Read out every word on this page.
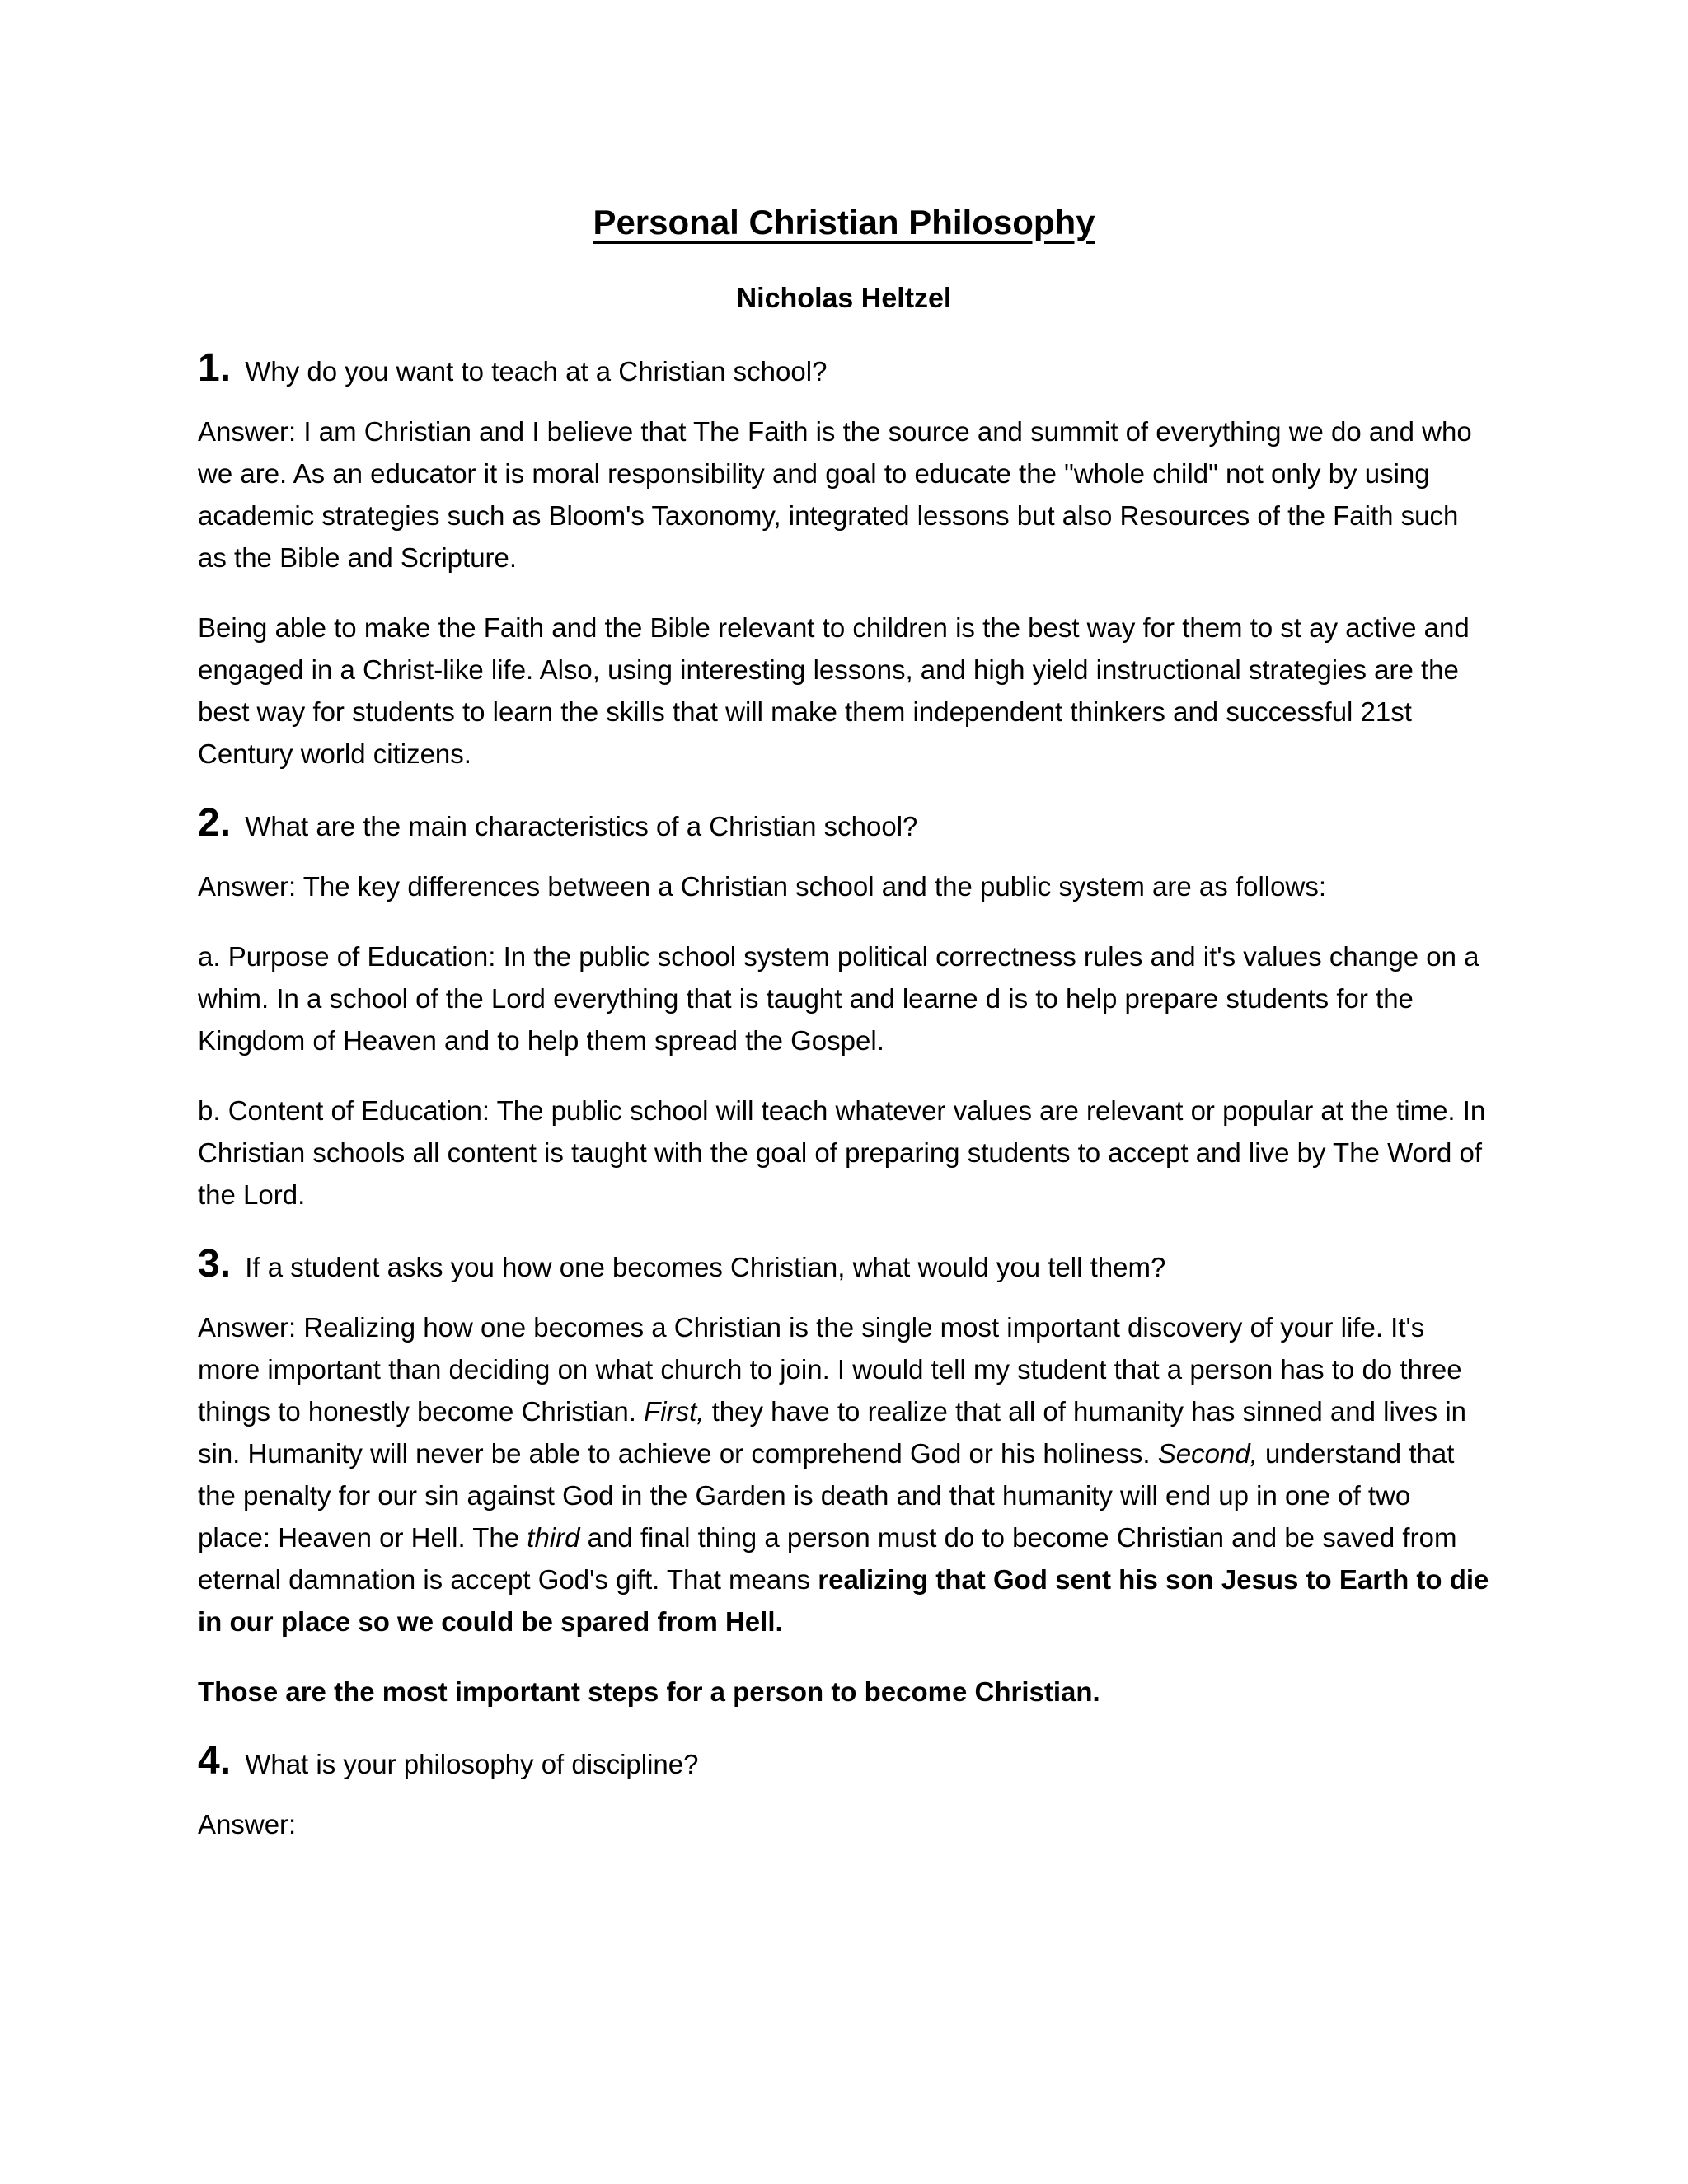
Personal Christian Philosophy
Nicholas Heltzel
1. Why do you want to teach at a Christian school?

Answer: I am Christian and I believe that The Faith is the source and summit of everything we do and who we are. As an educator it is moral responsibility and goal to educate the "whole child" not only by using academic strategies such as Bloom's Taxonomy, integrated lessons but also Resources of the Faith such as the Bible and Scripture.

Being able to make the Faith and the Bible relevant to children is the best way for them to st ay active and engaged in a Christ-like life. Also, using interesting lessons, and high yield instructional strategies are the best way for students to learn the skills that will make them independent thinkers and successful 21st Century world citizens.

2. What are the main characteristics of a Christian school?

Answer: The key differences between a Christian school and the public system are as follows:

a. Purpose of Education: In the public school system political correctness rules and it's values change on a whim. In a school of the Lord everything that is taught and learne d is to help prepare students for the Kingdom of Heaven and to help them spread the Gospel.

b. Content of Education: The public school will teach whatever values are relevant or popular at the time. In Christian schools all content is taught with the goal of preparing students to accept and live by The Word of the Lord.

3. If a student asks you how one becomes Christian, what would you tell them?

Answer: Realizing how one becomes a Christian is the single most important discovery of your life. It's more important than deciding on what church to join. I would tell my student that a person has to do three things to honestly become Christian. First, they have to realize that all of humanity has sinned and lives in sin. Humanity will never be able to achieve or comprehend God or his holiness. Second, understand that the penalty for our sin against God in the Garden is death and that humanity will end up in one of two place: Heaven or Hell. The third and final thing a person must do to become Christian and be saved from eternal damnation is accept God's gift. That means realizing that God sent his son Jesus to Earth to die in our place so we could be spared from Hell.

Those are the most important steps for a person to become Christian.

4. What is your philosophy of discipline?

Answer:
